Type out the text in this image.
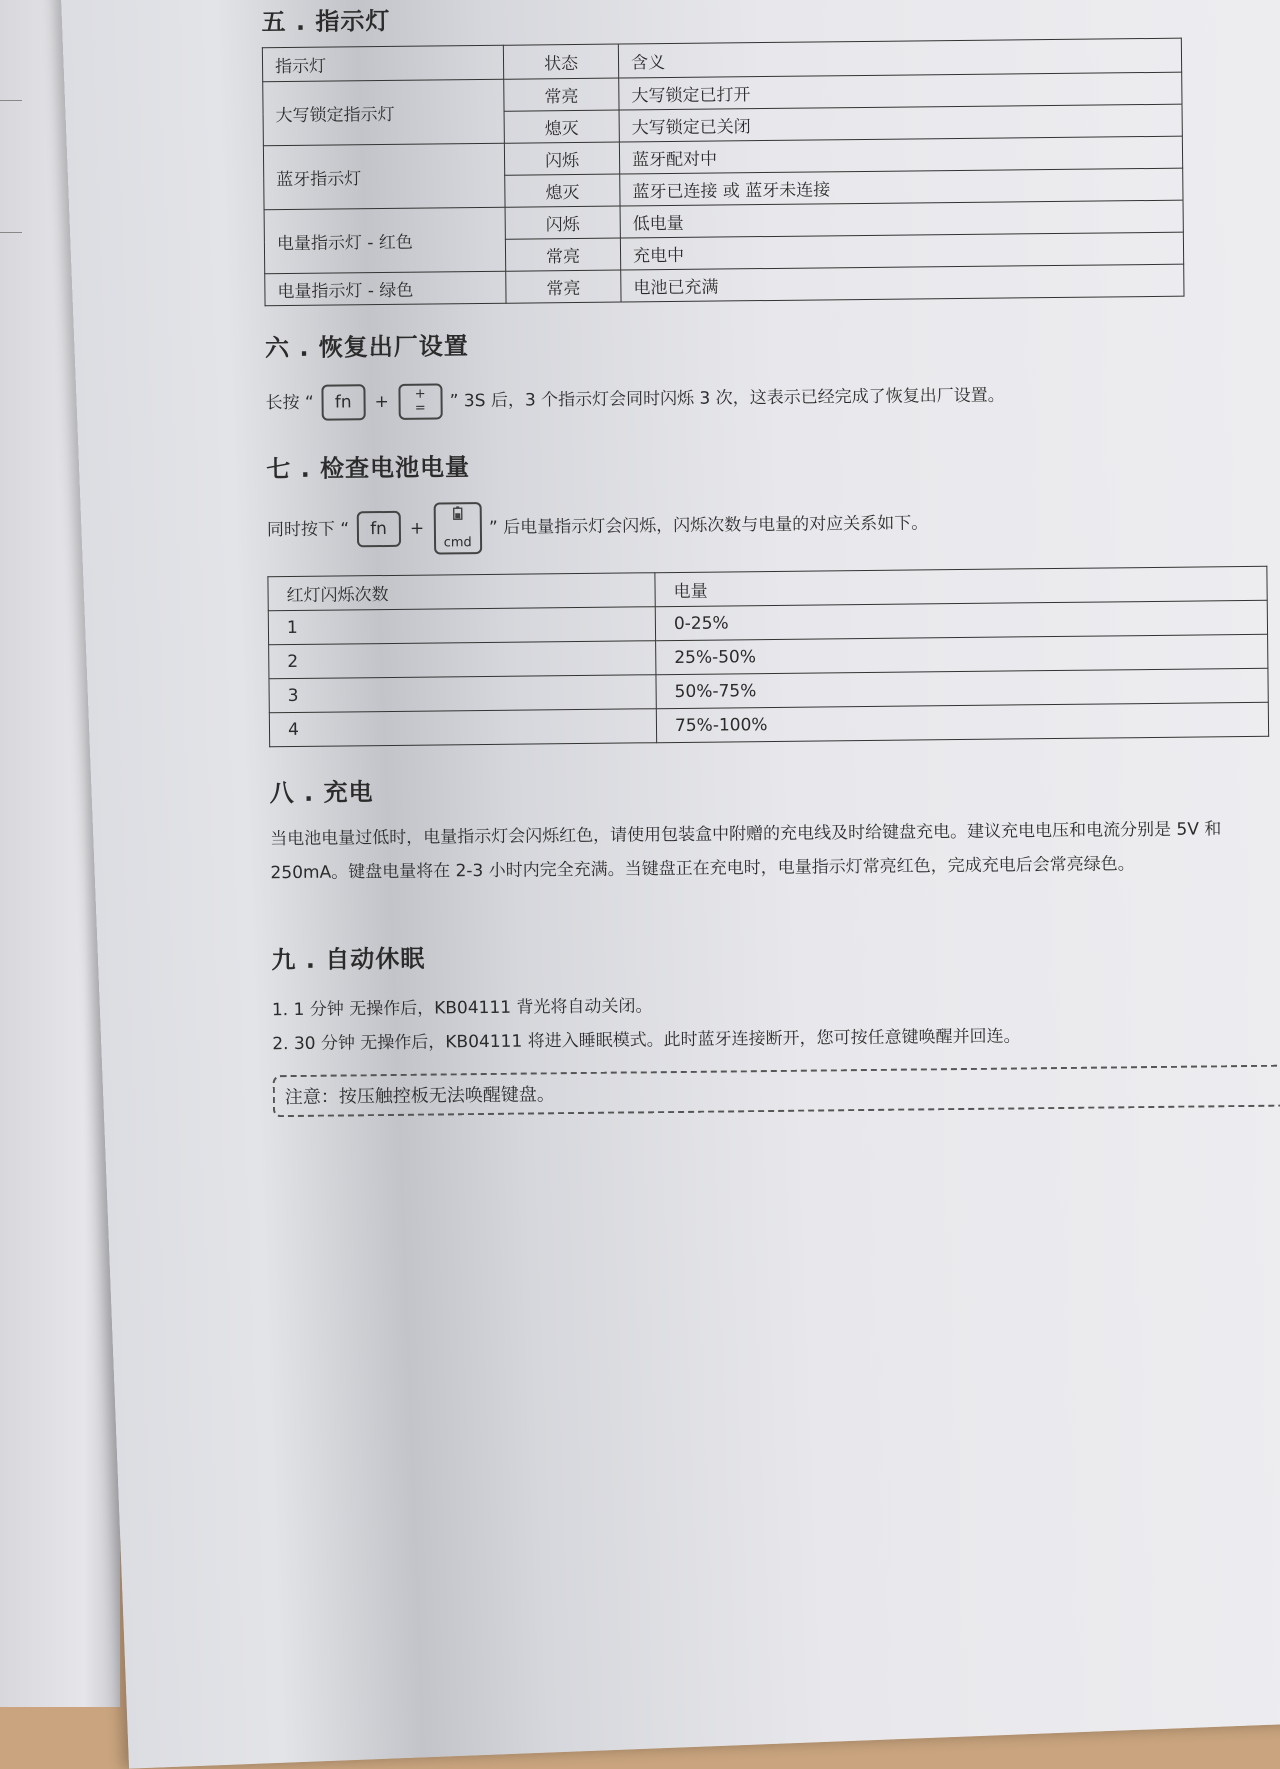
五 . 指示灯
指示灯	状态	含义
大写锁定指示灯	常亮	大写锁定已打开
	熄灭	大写锁定已关闭
蓝牙指示灯	闪烁	蓝牙配对中
	熄灭	蓝牙已连接 或 蓝牙未连接
电量指示灯 - 红色	闪烁	低电量
	常亮	充电中
电量指示灯 - 绿色	常亮	电池已充满
六 . 恢复出厂设置

长按 “ fn +	+
=	” 3S 后，3 个指示灯会同时闪烁 3 次，这表示已经完成了恢复出厂设置。

七 . 检查电池电量

同时按下 “ fn +
cmd
” 后电量指示灯会闪烁，闪烁次数与电量的对应关系如下。

红灯闪烁次数	电量
1	0-25%
2	25%-50%
3	50%-75%
4	75%-100%
八 . 充电

当电池电量过低时，电量指示灯会闪烁红色，请使用包装盒中附赠的充电线及时给键盘充电。建议充电电压和电流分别是 5V 和 250mA。键盘电量将在 2-3 小时内完全充满。当键盘正在充电时，电量指示灯常亮红色，完成充电后会常亮绿色。

九 . 自动休眠

1. 1 分钟 无操作后，KB04111 背光将自动关闭。

2. 30 分钟 无操作后，KB04111 将进入睡眠模式。此时蓝牙连接断开，您可按任意键唤醒并回连。

注意：按压触控板无法唤醒键盘。
